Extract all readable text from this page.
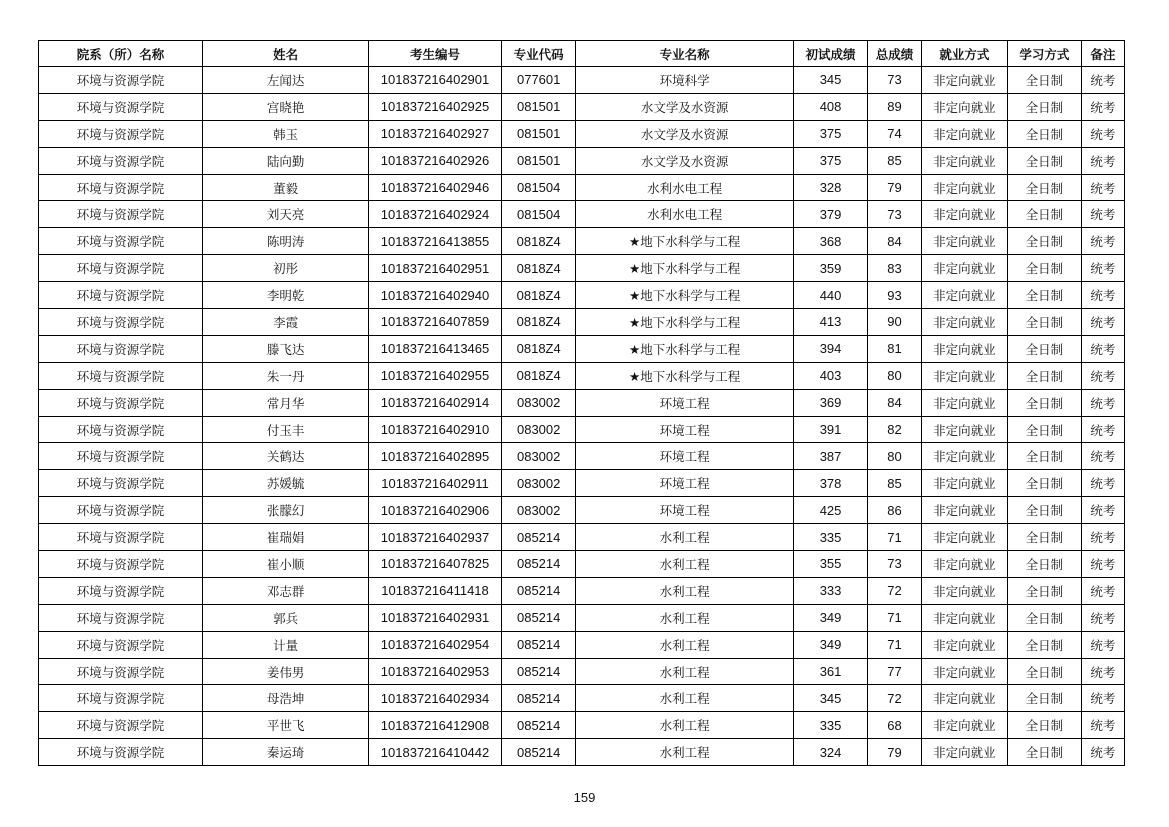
院系（所）名称	姓名	考生编号	专业代码	专业名称	初试成绩	总成绩	就业方式	学习方式	备注
环境与资源学院	左闻达	101837216402901	077601	环境科学	345	73	非定向就业	全日制	统考
环境与资源学院	宫晓艳	101837216402925	081501	水文学及水资源	408	89	非定向就业	全日制	统考
环境与资源学院	韩玉	101837216402927	081501	水文学及水资源	375	74	非定向就业	全日制	统考
环境与资源学院	陆向勤	101837216402926	081501	水文学及水资源	375	85	非定向就业	全日制	统考
环境与资源学院	董毅	101837216402946	081504	水利水电工程	328	79	非定向就业	全日制	统考
环境与资源学院	刘天亮	101837216402924	081504	水利水电工程	379	73	非定向就业	全日制	统考
环境与资源学院	陈明涛	101837216413855	0818Z4	★地下水科学与工程	368	84	非定向就业	全日制	统考
环境与资源学院	初彤	101837216402951	0818Z4	★地下水科学与工程	359	83	非定向就业	全日制	统考
环境与资源学院	李明乾	101837216402940	0818Z4	★地下水科学与工程	440	93	非定向就业	全日制	统考
环境与资源学院	李霞	101837216407859	0818Z4	★地下水科学与工程	413	90	非定向就业	全日制	统考
环境与资源学院	滕飞达	101837216413465	0818Z4	★地下水科学与工程	394	81	非定向就业	全日制	统考
环境与资源学院	朱一丹	101837216402955	0818Z4	★地下水科学与工程	403	80	非定向就业	全日制	统考
环境与资源学院	常月华	101837216402914	083002	环境工程	369	84	非定向就业	全日制	统考
环境与资源学院	付玉丰	101837216402910	083002	环境工程	391	82	非定向就业	全日制	统考
环境与资源学院	关鹤达	101837216402895	083002	环境工程	387	80	非定向就业	全日制	统考
环境与资源学院	苏媛毓	101837216402911	083002	环境工程	378	85	非定向就业	全日制	统考
环境与资源学院	张朦幻	101837216402906	083002	环境工程	425	86	非定向就业	全日制	统考
环境与资源学院	崔瑞娟	101837216402937	085214	水利工程	335	71	非定向就业	全日制	统考
环境与资源学院	崔小顺	101837216407825	085214	水利工程	355	73	非定向就业	全日制	统考
环境与资源学院	邓志群	101837216411418	085214	水利工程	333	72	非定向就业	全日制	统考
环境与资源学院	郭兵	101837216402931	085214	水利工程	349	71	非定向就业	全日制	统考
环境与资源学院	计量	101837216402954	085214	水利工程	349	71	非定向就业	全日制	统考
环境与资源学院	姜伟男	101837216402953	085214	水利工程	361	77	非定向就业	全日制	统考
环境与资源学院	母浩坤	101837216402934	085214	水利工程	345	72	非定向就业	全日制	统考
环境与资源学院	平世飞	101837216412908	085214	水利工程	335	68	非定向就业	全日制	统考
环境与资源学院	秦运琦	101837216410442	085214	水利工程	324	79	非定向就业	全日制	统考
159
